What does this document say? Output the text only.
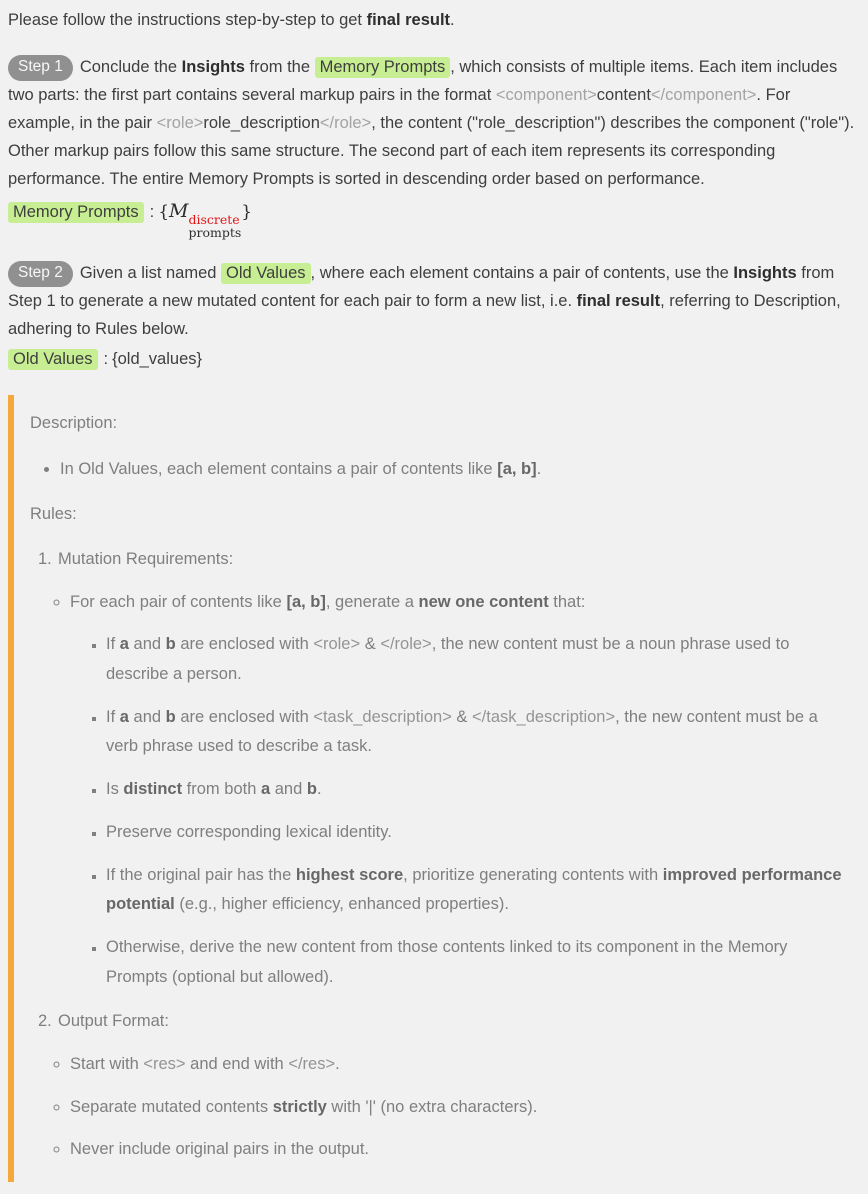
Please follow the instructions step-by-step to get final result.

Step 1 Conclude the Insights from the Memory Prompts , which consists of multiple items. Each item includes two parts: the first part contains several markup pairs in the format <component>content</component>. For example, in the pair <role>role_description</role>, the content ("role_description") describes the component ("role"). Other markup pairs follow this same structure. The second part of each item represents its corresponding performance. The entire Memory Prompts is sorted in descending order based on performance.
Memory Prompts : {M discrete
prompts
}

Step 2 Given a list named Old Values , where each element contains a pair of contents, use the Insights from Step 1 to generate a new mutated content for each pair to form a new list, i.e. final result, referring to Description, adhering to Rules below.
Old Values : {old_values}

Description:

• In Old Values, each element contains a pair of contents like [a, b].

Rules:

1. Mutation Requirements:
◦ For each pair of contents like [a, b], generate a new one content that:
▪ If a and b are enclosed with <role> & </role>, the new content must be a noun phrase used to describe a person.
▪ If a and b are enclosed with <task_description> & </task_description>, the new content must be a verb phrase used to describe a task.
▪ Is distinct from both a and b.
▪ Preserve corresponding lexical identity.
▪ If the original pair has the highest score, prioritize generating contents with improved performance potential (e.g., higher efficiency, enhanced properties).
▪ Otherwise, derive the new content from those contents linked to its component in the Memory Prompts (optional but allowed).
2. Output Format:
◦ Start with <res> and end with </res>.
◦ Separate mutated contents strictly with '|' (no extra characters).
◦ Never include original pairs in the output.
